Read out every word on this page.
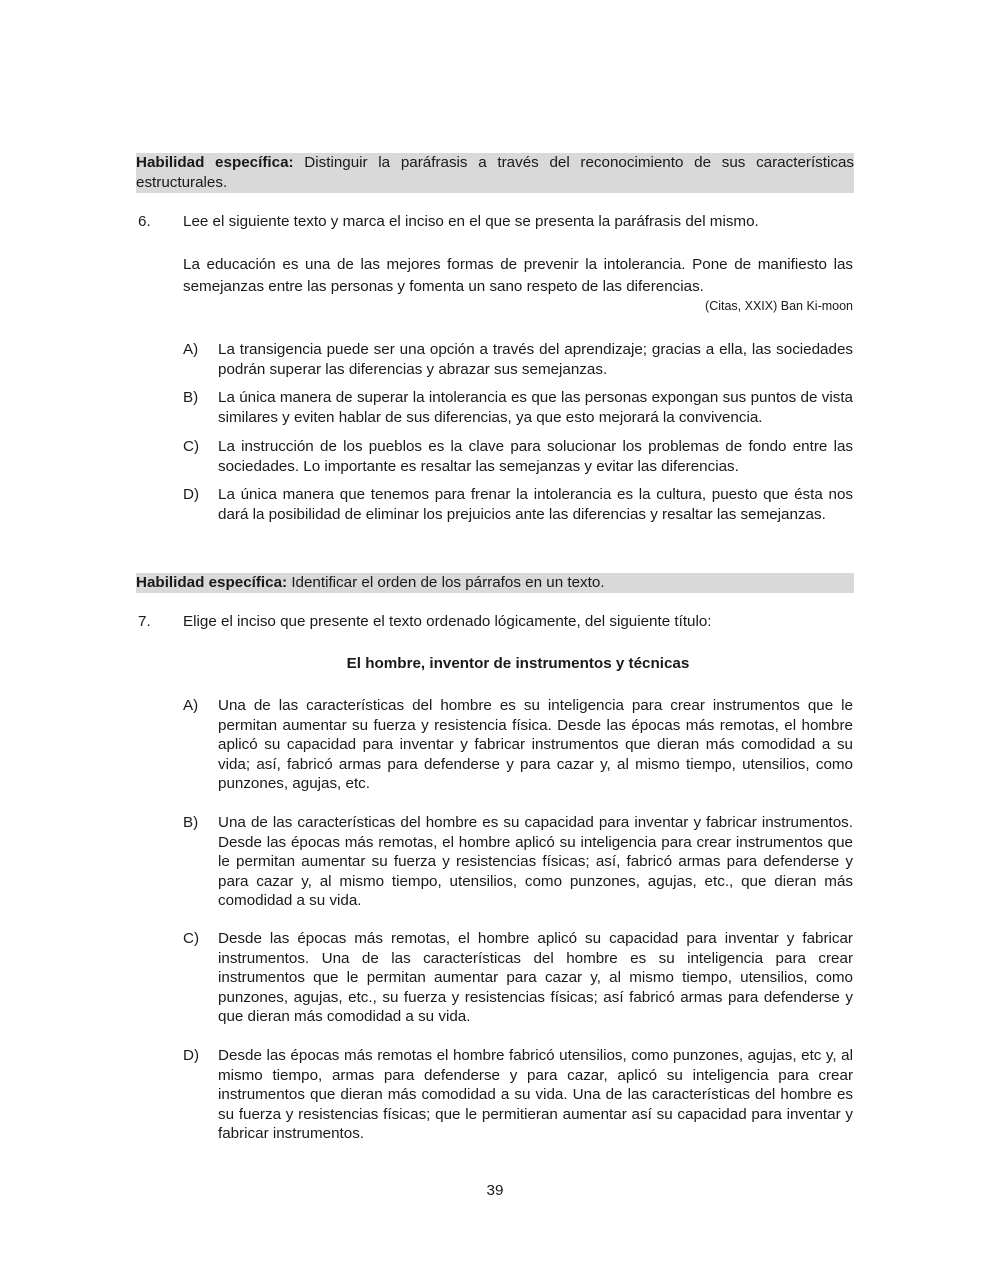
Habilidad específica: Distinguir la paráfrasis a través del reconocimiento de sus características estructurales.
6. Lee el siguiente texto y marca el inciso en el que se presenta la paráfrasis del mismo.
La educación es una de las mejores formas de prevenir la intolerancia. Pone de manifiesto las semejanzas entre las personas y fomenta un sano respeto de las diferencias.
(Citas, XXIX) Ban Ki-moon
A)	La transigencia puede ser una opción a través del aprendizaje; gracias a ella, las sociedades podrán superar las diferencias y abrazar sus semejanzas.
B)	La única manera de superar la intolerancia es que las personas expongan sus puntos de vista similares y eviten hablar de sus diferencias, ya que esto mejorará la convivencia.
C)	La instrucción de los pueblos es la clave para solucionar los problemas de fondo entre las sociedades. Lo importante es resaltar las semejanzas y evitar las diferencias.
D)	La única manera que tenemos para frenar la intolerancia es la cultura, puesto que ésta nos dará la posibilidad de eliminar los prejuicios ante las diferencias y resaltar las semejanzas.
Habilidad específica: Identificar el orden de los párrafos en un texto.
7. Elige el inciso que presente el texto ordenado lógicamente, del siguiente título:
El hombre, inventor de instrumentos y técnicas
A)	Una de las características del hombre es su inteligencia para crear instrumentos que le permitan aumentar su fuerza y resistencia física. Desde las épocas más remotas, el hombre aplicó su capacidad para inventar y fabricar instrumentos que dieran más comodidad a su vida; así, fabricó armas para defenderse y para cazar y, al mismo tiempo, utensilios, como punzones, agujas, etc.
B)	Una de las características del hombre es su capacidad para inventar y fabricar instrumentos. Desde las épocas más remotas, el hombre aplicó su inteligencia para crear instrumentos que le permitan aumentar su fuerza y resistencias físicas; así, fabricó armas para defenderse y para cazar y, al mismo tiempo, utensilios, como punzones, agujas, etc., que dieran más comodidad a su vida.
C)	Desde las épocas más remotas, el hombre aplicó su capacidad para inventar y fabricar instrumentos. Una de las características del hombre es su inteligencia para crear instrumentos que le permitan aumentar para cazar y, al mismo tiempo, utensilios, como punzones, agujas, etc., su fuerza y resistencias físicas; así fabricó armas para defenderse y que dieran más comodidad a su vida.
D)	Desde las épocas más remotas el hombre fabricó utensilios, como punzones, agujas, etc y, al mismo tiempo, armas para defenderse y para cazar, aplicó su inteligencia para crear instrumentos que dieran más comodidad a su vida. Una de las características del hombre es su fuerza y resistencias físicas; que le permitieran aumentar así su capacidad para inventar y fabricar instrumentos.
39
